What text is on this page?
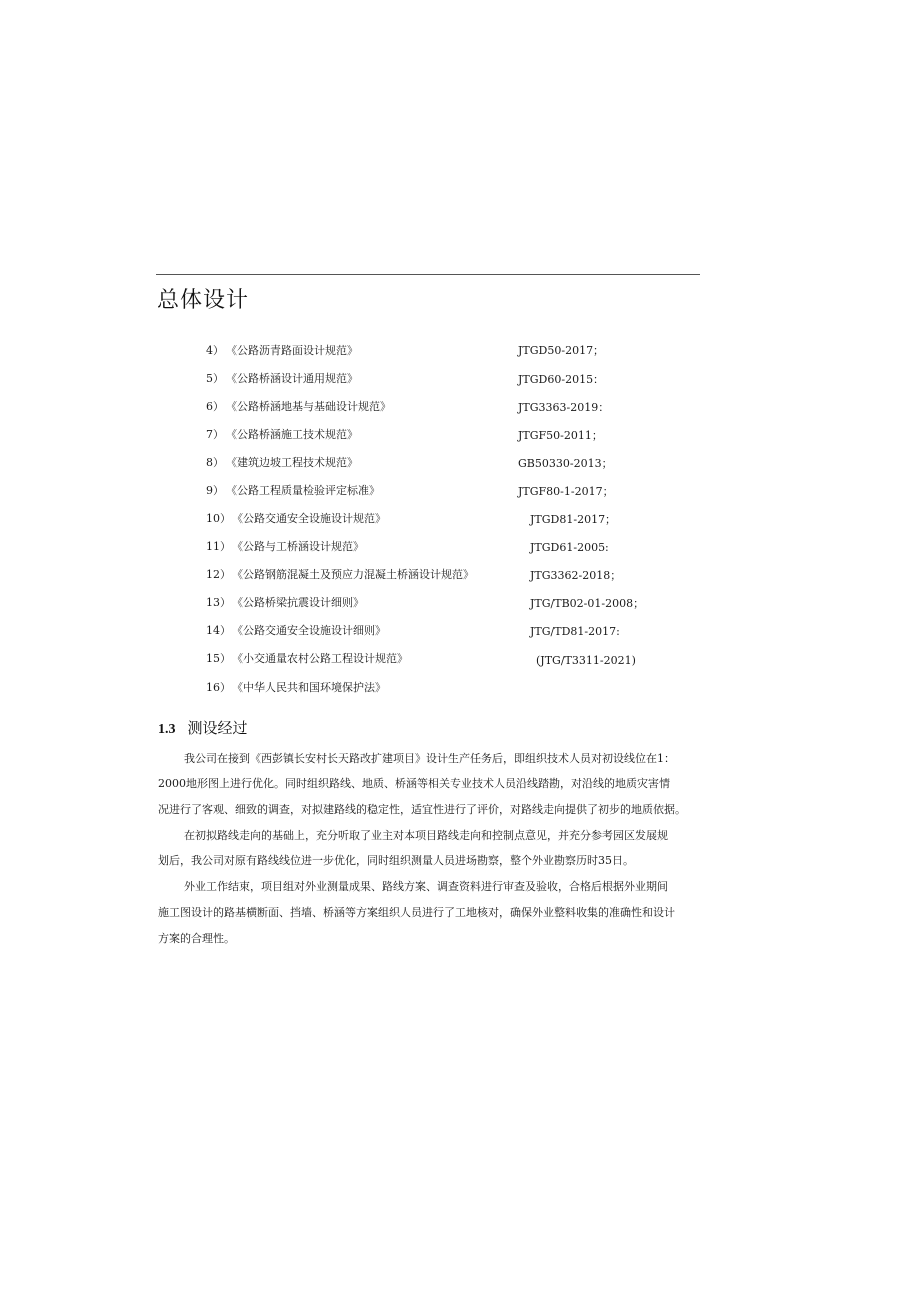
总体设计
4） 《公路沥青路面设计规范》	JTGD50-2017；
5） 《公路桥涵设计通用规范》	JTGD60-2015：
6） 《公路桥涵地基与基础设计规范》	JTG3363-2019：
7） 《公路桥涵施工技术规范》	JTGF50-2011；
8） 《建筑边坡工程技术规范》	GB50330-2013；
9） 《公路工程质量检验评定标准》	JTGF80-1-2017；
10） 《公路交通安全设施设计规范》	JTGD81-2017；
11） 《公路与工桥涵设计规范》	JTGD61-2005:
12） 《公路钢筋混凝土及预应力混凝土桥涵设计规范》	JTG3362-2018；
13） 《公路桥梁抗震设计细则》	JTG/TB02-01-2008；
14） 《公路交通安全设施设计细则》	JTG/TD81-2017:
15） 《小交通量农村公路工程设计规范》	(JTG/T3311-2021)
16） 《中华人民共和国环境保护法》
1.3 测设经过
我公司在接到《西彭镇长安村长天路改扩建项目》设计生产任务后，即组织技术人员对初设线位在1：
2000地形图上进行优化。同时组织路线、地质、桥涵等相关专业技术人员沿线踏勘，对沿线的地质灾害情
况进行了客观、细致的调查，对拟建路线的稳定性，适宜性进行了评价，对路线走向提供了初步的地质依据。
在初拟路线走向的基础上，充分听取了业主对本项目路线走向和控制点意见，并充分参考园区发展规
划后，我公司对原有路线线位进一步优化，同时组织测量人员进场勘察，整个外业勘察历时35日。
外业工作结束，项目组对外业测量成果、路线方案、调查资料进行审查及验收，合格后根据外业期间
施工图设计的路基横断面、挡墙、桥涵等方案组织人员进行了工地核对，确保外业整料收集的准确性和设计
方案的合理性。
